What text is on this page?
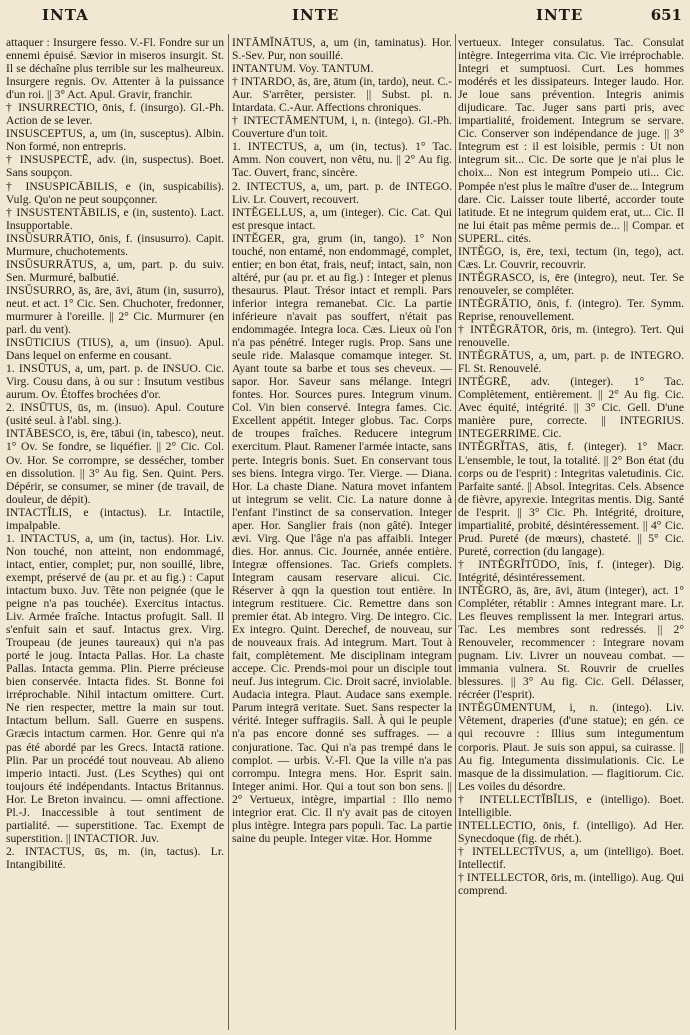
INTA	INTE	INTE	651

attaquer : Insurgere fesso. V.-Fl. Fondre sur un ennemi épuisé. Sævior in miseros insurgit. St. Il se déchaîne plus terrible sur les malheureux. Insurgere regnis. Ov. Attenter à la puissance d'un roi. || 3° Act. Apul. Gravir, franchir.

† INSURRECTIO, ōnis, f. (insurgo). Gl.-Ph. Action de se lever.

INSUSCEPTUS, a, um (in, susceptus). Albin. Non formé, non entrepris.

† INSUSPECTĒ, adv. (in, suspectus). Boet. Sans soupçon.

† INSUSPICĀBILIS, e (in, suspicabilis). Vulg. Qu'on ne peut soupçonner.

† INSUSTENTĀBILIS, e (in, sustento). Lact. Insupportable.

INSŬSURRĀTIO, ōnis, f. (insusurro). Capit. Murmure, chuchotements.

INSŬSURRĀTUS, a, um, part. p. du suiv. Sen. Murmuré, balbutié.

INSŬSURRO, ās, āre, āvi, ātum (in, susurro), neut. et act. 1° Cic. Sen. Chuchoter, fredonner, murmurer à l'oreille. || 2° Cic. Murmurer (en parl. du vent).

INSŪTICIUS (TIUS), a, um (insuo). Apul. Dans lequel on enferme en cousant.

1. INSŪTUS, a, um, part. p. de INSUO. Cic. Virg. Cousu dans, à ou sur : Insutum vestibus aurum. Ov. Étoffes brochées d'or.

2. INSŪTUS, ūs, m. (insuo). Apul. Couture (usité seul. à l'abl. sing.).

INTĀBESCO, is, ēre, tābui (in, tabesco), neut. 1° Ov. Se fondre, se liquéfier. || 2° Cic. Col. Ov. Hor. Se corrompre, se dessécher, tomber en dissolution. || 3° Au fig. Sen. Quint. Pers. Dépérir, se consumer, se miner (de travail, de douleur, de dépit).

INTACTĬLIS, e (intactus). Lr. Intactile, impalpable.

1. INTACTUS, a, um (in, tactus). Hor. Liv. Non touché, non atteint, non endommagé, intact, entier, complet; pur, non souillé, libre, exempt, préservé de (au pr. et au fig.) : Caput intactum buxo. Juv. Tête non peignée (que le peigne n'a pas touchée). Exercitus intactus. Liv. Armée fraîche. Intactus profugit. Sall. Il s'enfuit sain et sauf. Intactus grex. Virg. Troupeau (de jeunes taureaux) qui n'a pas porté le joug. Intacta Pallas. Hor. La chaste Pallas. Intacta gemma. Plin. Pierre précieuse bien conservée. Intacta fides. St. Bonne foi irréprochable. Nihil intactum omittere. Curt. Ne rien respecter, mettre la main sur tout. Intactum bellum. Sall. Guerre en suspens. Græcis intactum carmen. Hor. Genre qui n'a pas été abordé par les Grecs. Intactā ratione. Plin. Par un procédé tout nouveau. Ab alieno imperio intacti. Just. (Les Scythes) qui ont toujours été indépendants. Intactus Britannus. Hor. Le Breton invaincu. — omni affectione. Pl.-J. Inaccessible à tout sentiment de partialité. — superstitione. Tac. Exempt de superstition. || INTACTIOR. Juv.

2. INTACTUS, ūs, m. (in, tactus). Lr. Intangibilité.

INTĀMĬNĀTUS, a, um (in, taminatus). Hor. S.-Sev. Pur, non souillé.

INTANTUM. Voy. TANTUM.

† INTARDO, ās, āre, ātum (in, tardo), neut. C.-Aur. S'arrêter, persister. || Subst. pl. n. Intardata. C.-Aur. Affections chroniques.

† INTECTĀMENTUM, i, n. (intego). Gl.-Ph. Couverture d'un toit.

1. INTECTUS, a, um (in, tectus). 1° Tac. Amm. Non couvert, non vêtu, nu. || 2° Au fig. Tac. Ouvert, franc, sincère.

2. INTECTUS, a, um, part. p. de INTEGO. Liv. Lr. Couvert, recouvert.

INTĔGELLUS, a, um (integer). Cic. Cat. Qui est presque intact.

INTĔGER, gra, grum (in, tango). 1° Non touché, non entamé, non endommagé, complet, entier; en bon état, frais, neuf; intact, sain, non altéré, pur (au pr. et au fig.) : Integer et plenus thesaurus. Plaut. Trésor intact et rempli. Pars inferior integra remanebat. Cic. La partie inférieure n'avait pas souffert, n'était pas endommagée. Integra loca. Cæs. Lieux où l'on n'a pas pénétré. Integer rugis. Prop. Sans une seule ride. Malasque comamque integer. St. Ayant toute sa barbe et tous ses cheveux. — sapor. Hor. Saveur sans mélange. Integri fontes. Hor. Sources pures. Integrum vinum. Col. Vin bien conservé. Integra fames. Cic. Excellent appétit. Integer globus. Tac. Corps de troupes fraîches. Reducere integrum exercitum. Plaut. Ramener l'armée intacte, sans perte. Integris bonis. Suet. En conservant tous ses biens. Integra virgo. Ter. Vierge. — Diana. Hor. La chaste Diane. Natura movet infantem ut integrum se velit. Cic. La nature donne à l'enfant l'instinct de sa conservation. Integer aper. Hor. Sanglier frais (non gâté). Integer ævi. Virg. Que l'âge n'a pas affaibli. Integer dies. Hor. annus. Cic. Journée, année entière. Integræ offensiones. Tac. Griefs complets. Integram causam reservare alicui. Cic. Réserver à qqn la question tout entière. In integrum restituere. Cic. Remettre dans son premier état. Ab integro. Virg. De integro. Cic. Ex integro. Quint. Derechef, de nouveau, sur de nouveaux frais. Ad integrum. Mart. Tout à fait, complètement. Me disciplinam integram accepe. Cic. Prends-moi pour un disciple tout neuf. Jus integrum. Cic. Droit sacré, inviolable. Audacia integra. Plaut. Audace sans exemple. Parum integrā veritate. Suet. Sans respecter la vérité. Integer suffragiis. Sall. À qui le peuple n'a pas encore donné ses suffrages. — a conjuratione. Tac. Qui n'a pas trempé dans le complot. — urbis. V.-Fl. Que la ville n'a pas corrompu. Integra mens. Hor. Esprit sain. Integer animi. Hor. Qui a tout son bon sens. || 2° Vertueux, intègre, impartial : Illo nemo integrior erat. Cic. Il n'y avait pas de citoyen plus intègre. Integra pars populi. Tac. La partie saine du peuple. Integer vitæ. Hor. Homme

vertueux. Integer consulatus. Tac. Consulat intègre. Integerrima vita. Cic. Vie irréprochable. Integri et sumptuosi. Curt. Les hommes modérés et les dissipateurs. Integer laudo. Hor. Je loue sans prévention. Integris animis dijudicare. Tac. Juger sans parti pris, avec impartialité, froidement. Integrum se servare. Cic. Conserver son indépendance de juge. || 3° Integrum est : il est loisible, permis : Ut non integrum sit... Cic. De sorte que je n'ai plus le choix... Non est integrum Pompeio uti... Cic. Pompée n'est plus le maître d'user de... Integrum dare. Cic. Laisser toute liberté, accorder toute latitude. Et ne integrum quidem erat, ut... Cic. Il ne lui était pas même permis de... || Compar. et SUPERL. cités.

INTĔGO, is, ēre, texi, tectum (in, tego), act. Cæs. Lr. Couvrir, recouvrir.

INTĔGRASCO, is, ēre (integro), neut. Ter. Se renouveler, se compléter.

INTĔGRĀTIO, ōnis, f. (integro). Ter. Symm. Reprise, renouvellement.

† INTĔGRĀTOR, ōris, m. (integro). Tert. Qui renouvelle.

INTĔGRĀTUS, a, um, part. p. de INTEGRO. Fl. St. Renouvelé.

INTĔGRĒ, adv. (integer). 1° Tac. Complètement, entièrement. || 2° Au fig. Cic. Avec équité, intégrité. || 3° Cic. Gell. D'une manière pure, correcte. || INTEGRIUS. INTEGERRIME. Cic.

INTĔGRĬTAS, ātis, f. (integer). 1° Macr. L'ensemble, le tout, la totalité. || 2° Bon état (du corps ou de l'esprit) : Integritas valetudinis. Cic. Parfaite santé. || Absol. Integritas. Cels. Absence de fièvre, apyrexie. Integritas mentis. Dig. Santé de l'esprit. || 3° Cic. Ph. Intégrité, droiture, impartialité, probité, désintéressement. || 4° Cic. Prud. Pureté (de mœurs), chasteté. || 5° Cic. Pureté, correction (du langage).

† INTĔGRĬTŪDO, ĭnis, f. (integer). Dig. Intégrité, désintéressement.

INTĔGRO, ās, āre, āvi, ātum (integer), act. 1° Compléter, rétablir : Amnes integrant mare. Lr. Les fleuves remplissent la mer. Integrari artus. Tac. Les membres sont redressés. || 2° Renouveler, recommencer : Integrare novam pugnam. Liv. Livrer un nouveau combat. — immania vulnera. St. Rouvrir de cruelles blessures. || 3° Au fig. Cic. Gell. Délasser, récréer (l'esprit).

INTĔGŪMENTUM, i, n. (intego). Liv. Vêtement, draperies (d'une statue); en gén. ce qui recouvre : Illius sum integumentum corporis. Plaut. Je suis son appui, sa cuirasse. || Au fig. Integumenta dissimulationis. Cic. Le masque de la dissimulation. — flagitiorum. Cic. Les voiles du désordre.

† INTELLECTĬBĬLIS, e (intelligo). Boet. Intelligible.

INTELLECTIO, ōnis, f. (intelligo). Ad Her. Synecdoque (fig. de rhét.).

† INTELLECTĪVUS, a, um (intelligo). Boet. Intellectif.

† INTELLECTOR, ōris, m. (intelligo). Aug. Qui comprend.
